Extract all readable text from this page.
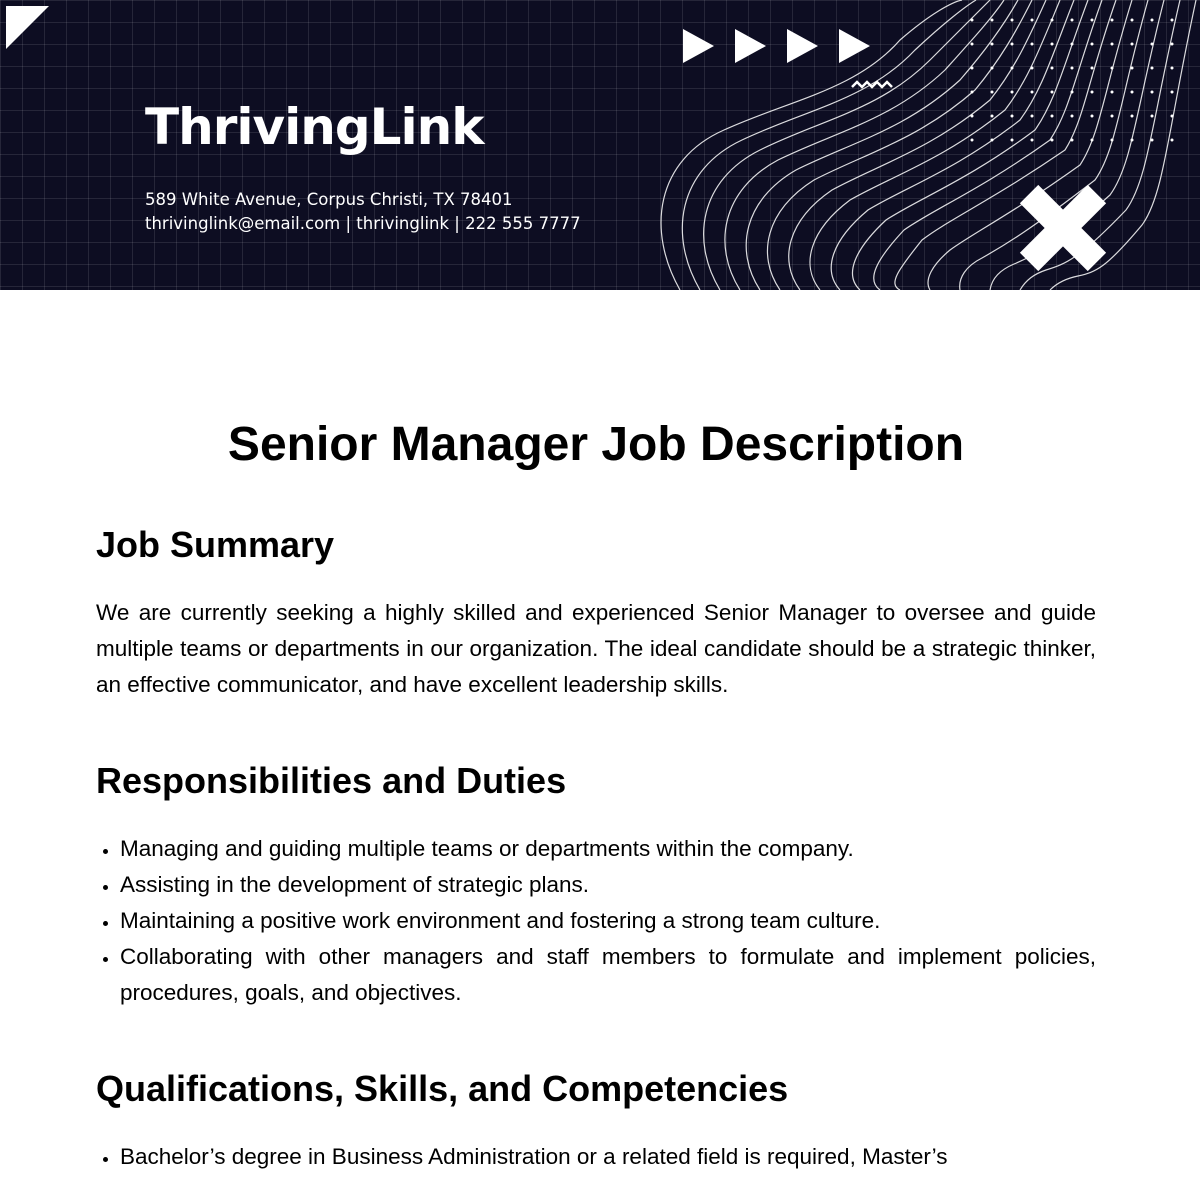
ThrivingLink
589 White Avenue, Corpus Christi, TX 78401
thrivinglink@email.com | thrivinglink | 222 555 7777
Senior Manager Job Description
Job Summary

We are currently seeking a highly skilled and experienced Senior Manager to oversee and guide multiple teams or departments in our organization. The ideal candidate should be a strategic thinker, an effective communicator, and have excellent leadership skills.

Responsibilities and Duties
• Managing and guiding multiple teams or departments within the company.
• Assisting in the development of strategic plans.
• Maintaining a positive work environment and fostering a strong team culture.
• Collaborating with other managers and staff members to formulate and implement policies, procedures, goals, and objectives.
Qualifications, Skills, and Competencies
• Bachelor’s degree in Business Administration or a related field is required, Master’s
